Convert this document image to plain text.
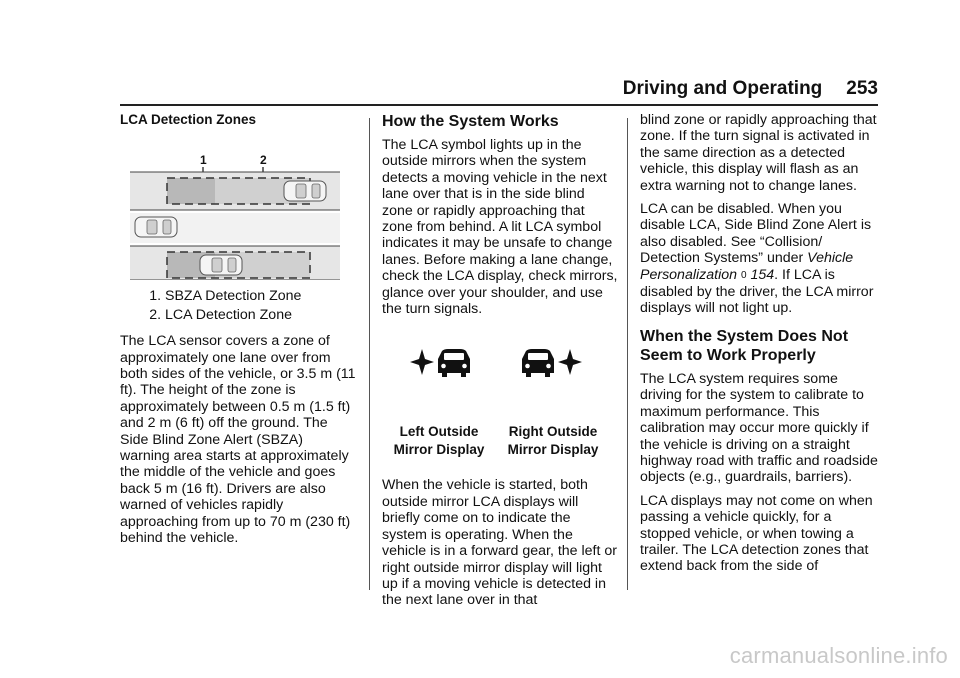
Driving and Operating 253
LCA Detection Zones
1	2
1. SBZA Detection Zone
2. LCA Detection Zone

The LCA sensor covers a zone of approximately one lane over from both sides of the vehicle, or 3.5 m (11 ft). The height of the zone is approximately between 0.5 m (1.5 ft) and 2 m (6 ft) off the ground. The Side Blind Zone Alert (SBZA) warning area starts at approximately the middle of the vehicle and goes back 5 m (16 ft). Drivers are also warned of vehicles rapidly approaching from up to 70 m (230 ft) behind the vehicle.

How the System Works

The LCA symbol lights up in the outside mirrors when the system detects a moving vehicle in the next lane over that is in the side blind zone or rapidly approaching that zone from behind. A lit LCA symbol indicates it may be unsafe to change lanes. Before making a lane change, check the LCA display, check mirrors, glance over your shoulder, and use the turn signals.

Left Outside
Mirror Display
Right Outside
Mirror Display

When the vehicle is started, both outside mirror LCA displays will briefly come on to indicate the system is operating. When the vehicle is in a forward gear, the left or right outside mirror display will light up if a moving vehicle is detected in the next lane over in that

blind zone or rapidly approaching that zone. If the turn signal is activated in the same direction as a detected vehicle, this display will flash as an extra warning not to change lanes.

LCA can be disabled. When you disable LCA, Side Blind Zone Alert is also disabled. See “Collision/ Detection Systems” under Vehicle Personalization 0 154. If LCA is disabled by the driver, the LCA mirror displays will not light up.

When the System Does Not Seem to Work Properly

The LCA system requires some driving for the system to calibrate to maximum performance. This calibration may occur more quickly if the vehicle is driving on a straight highway road with traffic and roadside objects (e.g., guardrails, barriers).

LCA displays may not come on when passing a vehicle quickly, for a stopped vehicle, or when towing a trailer. The LCA detection zones that extend back from the side of

carmanualsonline.info
